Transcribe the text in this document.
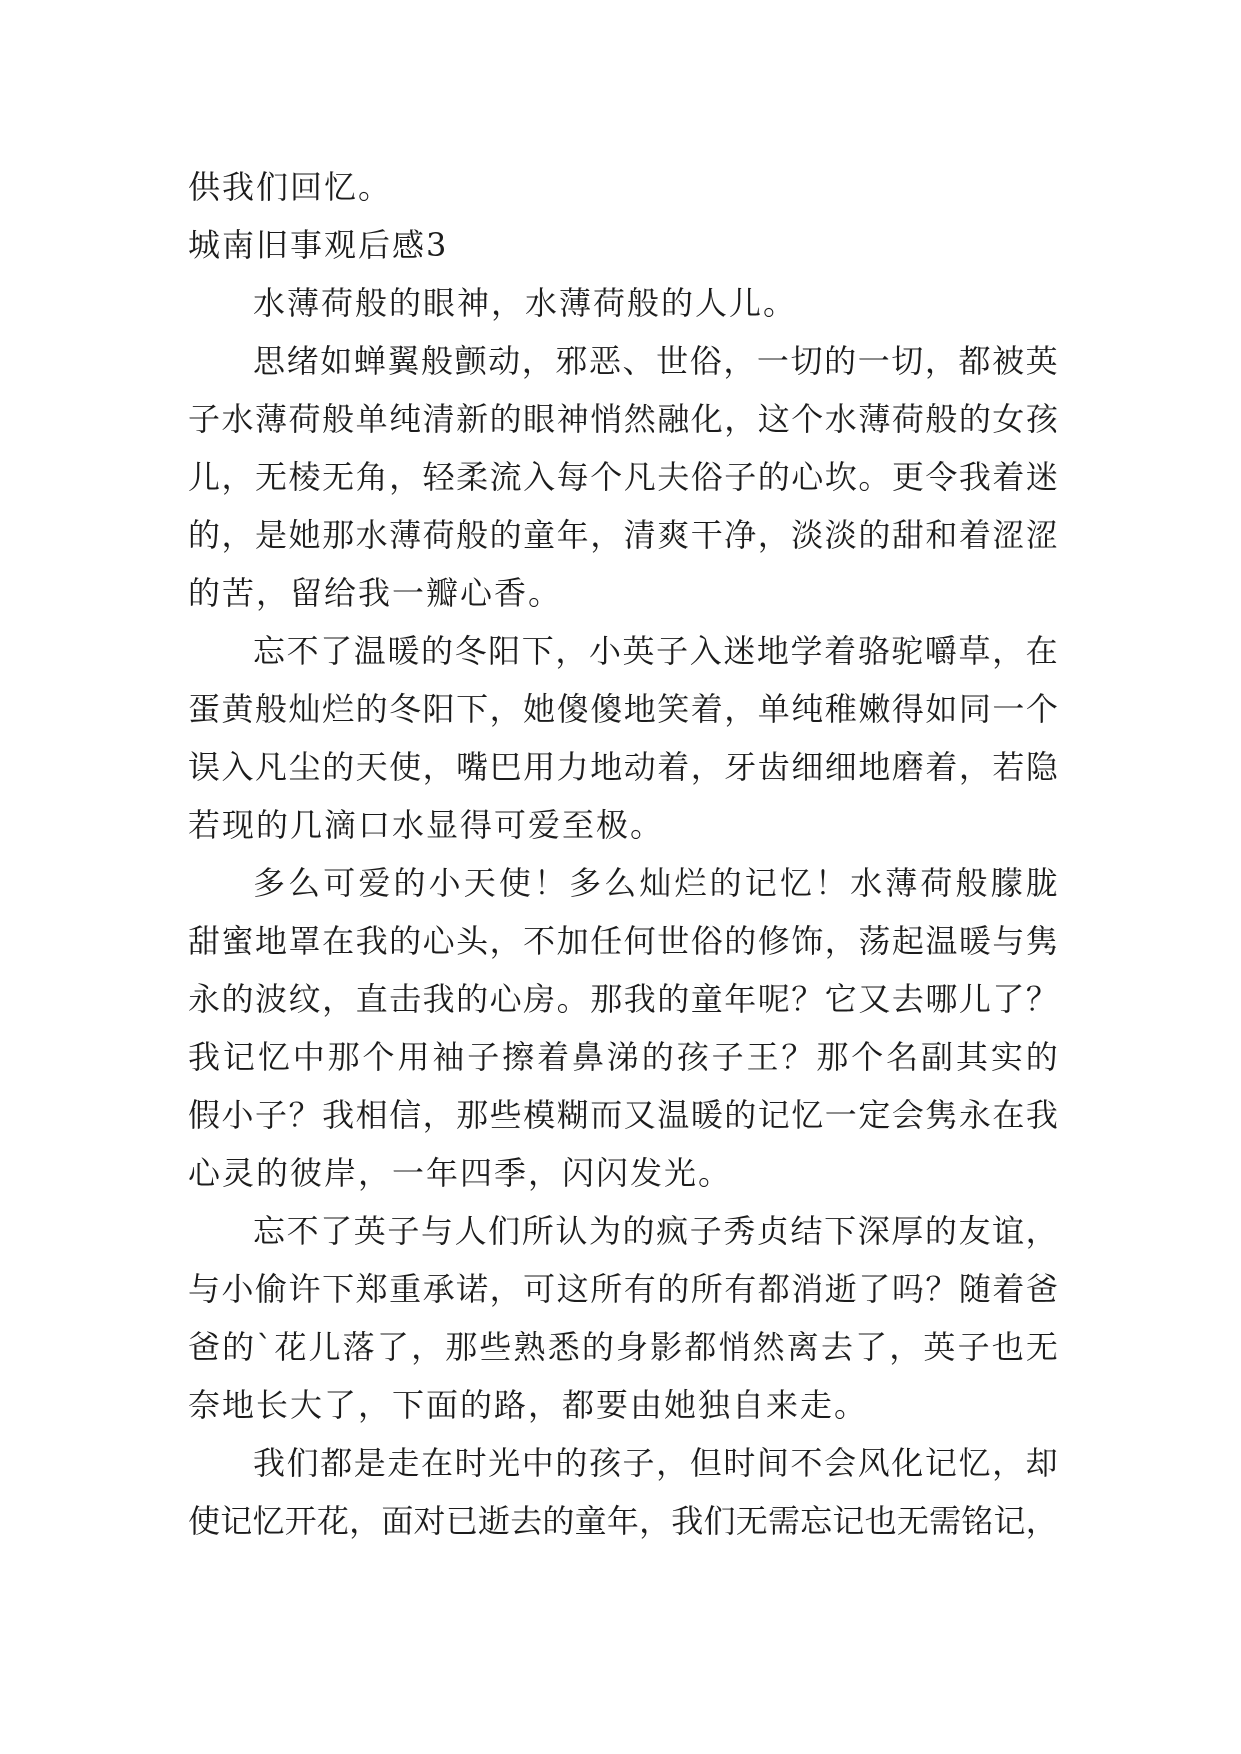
供我们回忆。
城南旧事观后感3
水薄荷般的眼神，水薄荷般的人儿。
思 绪 如 蝉 翼 般 颤 动 ， 邪 恶 、 世 俗 ， 一 切 的 一 切 ， 都 被 英
子 水 薄 荷 般 单 纯 清 新 的 眼 神 悄 然 融 化 ， 这 个 水 薄 荷 般 的 女 孩
儿 ， 无 棱 无 角 ， 轻 柔 流 入 每 个 凡 夫 俗 子 的 心 坎 。 更 令 我 着 迷
的 ， 是 她 那 水 薄 荷 般 的 童 年 ， 清 爽 干 净 ， 淡 淡 的 甜 和 着 涩 涩
的苦，留给我一瓣心香。
忘 不 了 温 暖 的 冬 阳 下 ， 小 英 子 入 迷 地 学 着 骆 驼 嚼 草 ， 在
蛋 黄 般 灿 烂 的 冬 阳 下 ， 她 傻 傻 地 笑 着 ， 单 纯 稚 嫩 得 如 同 一 个
误 入 凡 尘 的 天 使 ， 嘴 巴 用 力 地 动 着 ， 牙 齿 细 细 地 磨 着 ， 若 隐
若现的几滴口水显得可爱至极。
多 么 可 爱 的 小 天 使 ！ 多 么 灿 烂 的 记 忆 ！ 水 薄 荷 般 朦 胧
甜 蜜 地 罩 在 我 的 心 头 ， 不 加 任 何 世 俗 的 修 饰 ， 荡 起 温 暖 与 隽
永 的 波 纹 ， 直 击 我 的 心 房 。 那 我 的 童 年 呢 ？ 它 又 去 哪 儿 了 ？
我 记 忆 中 那 个 用 袖 子 擦 着 鼻 涕 的 孩 子 王 ？ 那 个 名 副 其 实 的
假 小 子 ？ 我 相 信 ， 那 些 模 糊 而 又 温 暖 的 记 忆 一 定 会 隽 永 在 我
心灵的彼岸，一年四季，闪闪发光。
忘 不 了 英 子 与 人 们 所 认 为 的 疯 子 秀 贞 结 下 深 厚 的 友 谊 ，
与 小 偷 许 下 郑 重 承 诺 ， 可 这 所 有 的 所 有 都 消 逝 了 吗 ？ 随 着 爸
爸 的 ` 花 儿 落 了 ， 那 些 熟 悉 的 身 影 都 悄 然 离 去 了 ， 英 子 也 无
奈地长大了，下面的路，都要由她独自来走。
我 们 都 是 走 在 时 光 中 的 孩 子 ， 但 时 间 不 会 风 化 记 忆 ， 却
使 记 忆 开 花 ， 面 对 已 逝 去 的 童 年 ， 我 们 无 需 忘 记 也 无 需 铭 记 ，
